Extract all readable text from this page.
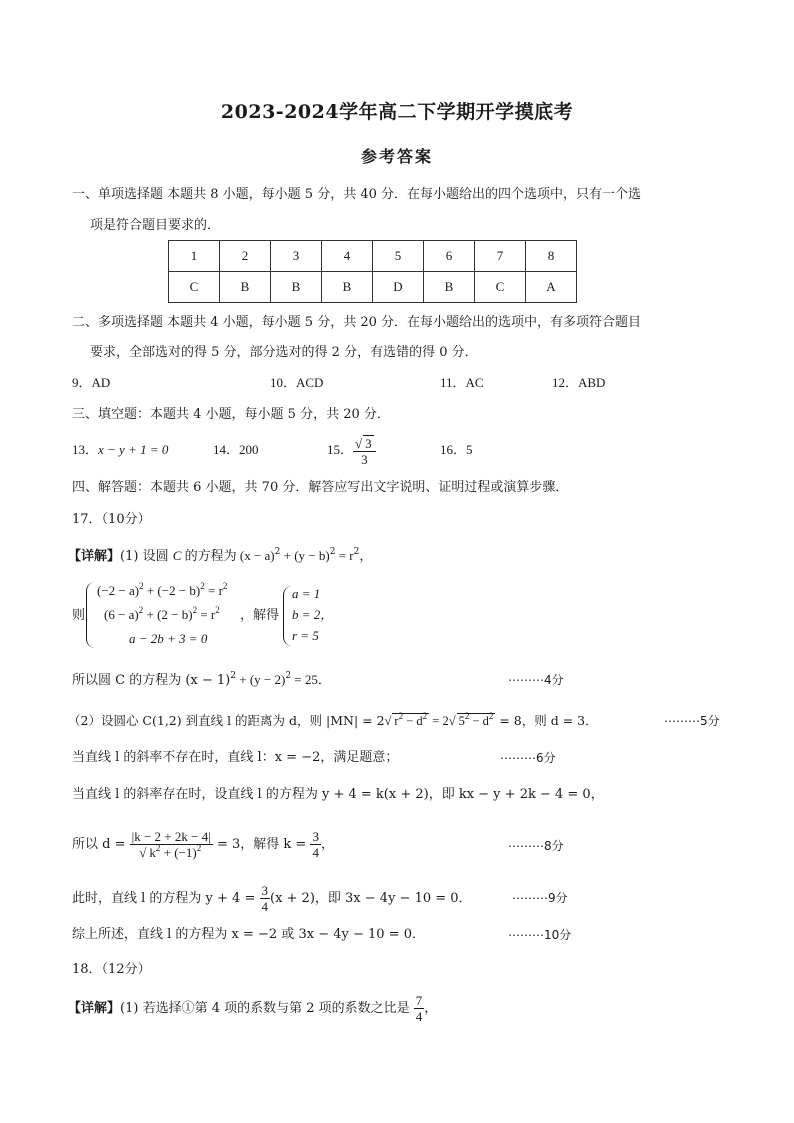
2023-2024学年高二下学期开学摸底考
参考答案
一、单项选择题 本题共 8 小题，每小题 5 分，共 40 分．在每小题给出的四个选项中，只有一个选
项是符合题目要求的．
1	2	3	4	5	6	7	8
C	B	B	B	D	B	C	A
二、多项选择题 本题共 4 小题，每小题 5 分，共 20 分．在每小题给出的选项中，有多项符合题目
要求，全部选对的得 5 分，部分选对的得 2 分，有选错的得 0 分．
9．AD	10．ACD	11．AC	12．ABD
三、填空题：本题共 4 小题，每小题 5 分，共 20 分．
13．x − y + 1 = 0	14．200	15． $\frac{√ 3}{3}$	16．5
四、解答题：本题共 6 小题，共 70 分．解答应写出文字说明、证明过程或演算步骤．
17．（10分）
【详解】(1) 设圆 C 的方程为 $(x - a)^2 + (y - b)^2 = r^2$，
则
$(-2 - a)^2 + (-2 - b)^2 = r^2$
$(6 - a)^2 + (2 - b)^2 = r^2$
a − 2b + 3 = 0
，解得
a = 1
b = 2，
r = 5
所以圆 C 的方程为 $(x - 1)^2 + (y - 2)^2 = 25$．	⋯⋯⋯4分
（2）设圆心 C(1,2) 到直线 l 的距离为 d，则 |MN| = 2√ $r^2 - d^2 = 2√$ $5^2 - d^2 = 8$，则 d = 3．	⋯⋯⋯5分
当直线 l 的斜率不存在时，直线 l：x = −2，满足题意；	⋯⋯⋯6分
当直线 l 的斜率存在时，设直线 l 的方程为 y + 4 = k(x + 2)，即 kx − y + 2k − 4 = 0，
所以 $d = \frac{|k - 2 + 2k - 4|}{√ k^2 + (-1)^2} = 3$，解得 $k = \frac{3}{4}$ ，	⋯⋯⋯8分
此时，直线 l 的方程为 $y + 4 = \frac{3}{4} (x + 2)$，即 3x − 4y − 10 = 0．	⋯⋯⋯9分
综上所述，直线 l 的方程为 x = −2 或 3x − 4y − 10 = 0．	⋯⋯⋯10分
18．（12分）
【详解】(1) 若选择①第 4 项的系数与第 2 项的系数之比是 $\frac{7}{4}$ ，
